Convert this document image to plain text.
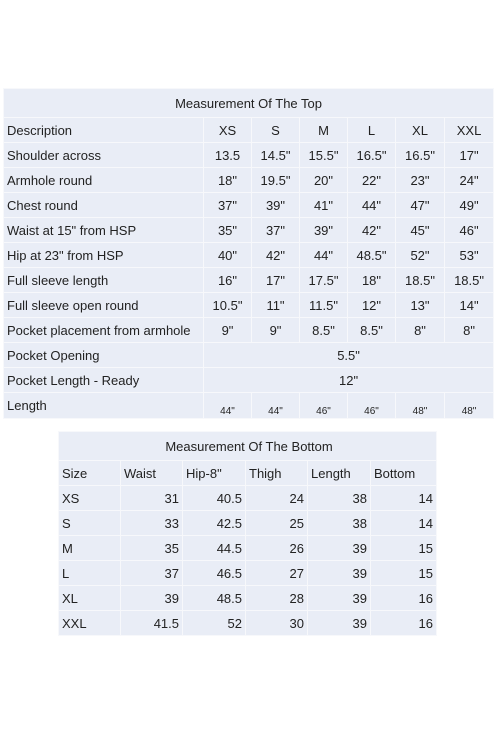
Measurement Of The Top						
Description	XS	S	M	L	XL	XXL
Shoulder across	13.5	14.5"	15.5"	16.5"	16.5"	17"
Armhole round	18"	19.5"	20"	22"	23"	24"
Chest round	37"	39"	41"	44"	47"	49"
Waist at 15" from HSP	35"	37"	39"	42"	45"	46"
Hip at 23" from HSP	40"	42"	44"	48.5"	52"	53"
Full sleeve length	16"	17"	17.5"	18"	18.5"	18.5"
Full sleeve open round	10.5"	11"	11.5"	12"	13"	14"
Pocket placement from armhole	9"	9"	8.5"	8.5"	8"	8"
Pocket Opening	5.5"					
Pocket Length - Ready	12"					
Length	44"	44"	46"	46"	48"	48"
Measurement Of The Bottom					
Size	Waist	Hip-8"	Thigh	Length	Bottom
XS	31	40.5	24	38	14
S	33	42.5	25	38	14
M	35	44.5	26	39	15
L	37	46.5	27	39	15
XL	39	48.5	28	39	16
XXL	41.5	52	30	39	16
